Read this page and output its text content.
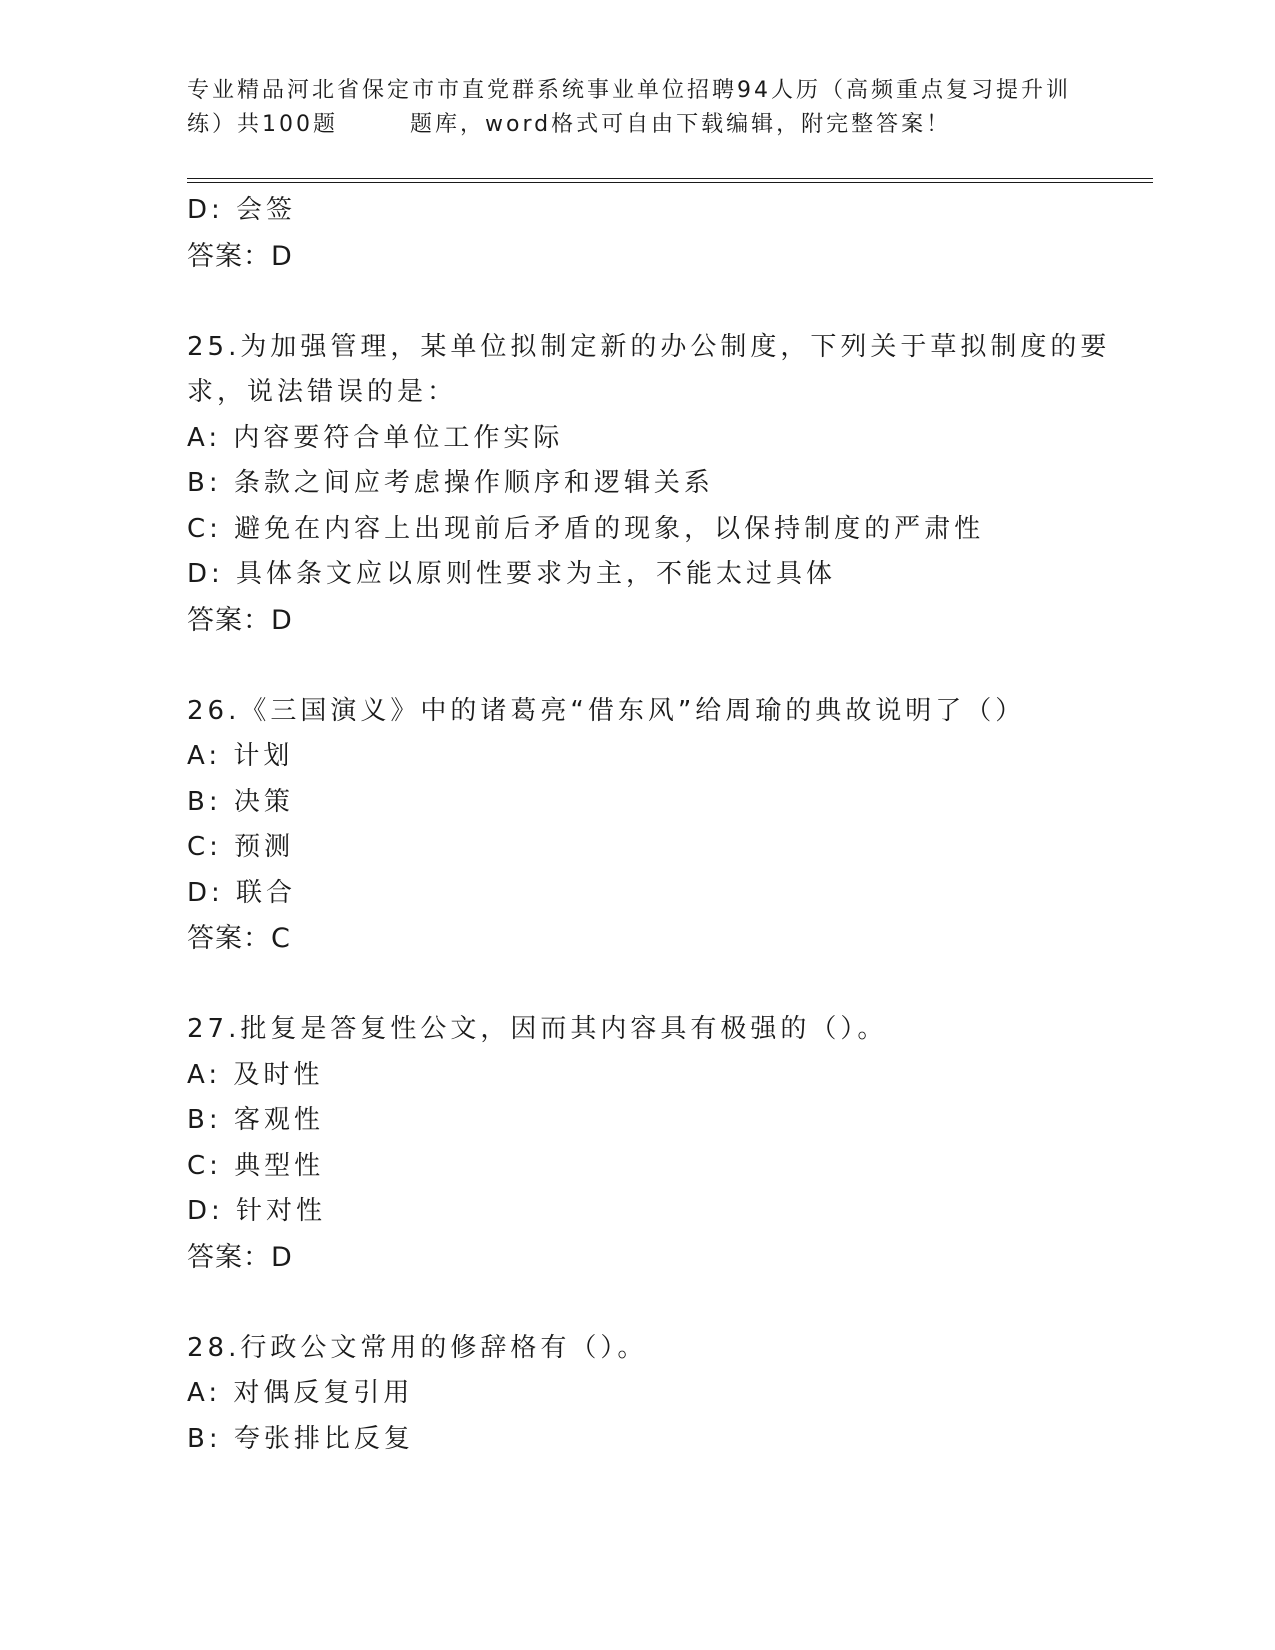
专业精品河北省保定市市直党群系统事业单位招聘94人历（高频重点复习提升训
练）共100题	题库，word格式可自由下载编辑，附完整答案！
D: 会签
答案：D
25.为加强管理，某单位拟制定新的办公制度，下列关于草拟制度的要
求，说法错误的是：
A: 内容要符合单位工作实际
B: 条款之间应考虑操作顺序和逻辑关系
C: 避免在内容上出现前后矛盾的现象，以保持制度的严肃性
D: 具体条文应以原则性要求为主，不能太过具体
答案：D
26.《三国演义》中的诸葛亮“借东风”给周瑜的典故说明了（）
A: 计划
B: 决策
C: 预测
D: 联合
答案：C
27.批复是答复性公文，因而其内容具有极强的（）。
A: 及时性
B: 客观性
C: 典型性
D: 针对性
答案：D
28.行政公文常用的修辞格有（）。
A: 对偶反复引用
B: 夸张排比反复
